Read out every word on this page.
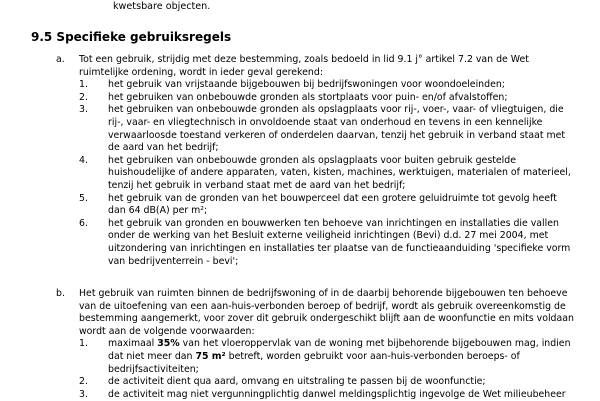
kwetsbare objecten.
9.5 Specifieke gebruiksregels
a. Tot een gebruik, strijdig met deze bestemming, zoals bedoeld in lid 9.1 j° artikel 7.2 van de Wet
ruimtelijke ordening, wordt in ieder geval gerekend:
1.	het gebruik van vrijstaande bijgebouwen bij bedrijfswoningen voor woondoeleinden;
2.	het gebruiken van onbebouwde gronden als stortplaats voor puin- en/of afvalstoffen;
3.	het gebruiken van onbebouwde gronden als opslagplaats voor rij-, voer-, vaar- of vliegtuigen, die
rij-, vaar- en vliegtechnisch in onvoldoende staat van onderhoud en tevens in een kennelijke
verwaarloosde toestand verkeren of onderdelen daarvan, tenzij het gebruik in verband staat met
de aard van het bedrijf;
4.	het gebruiken van onbebouwde gronden als opslagplaats voor buiten gebruik gestelde
huishoudelijke of andere apparaten, vaten, kisten, machines, werktuigen, materialen of materieel,
tenzij het gebruik in verband staat met de aard van het bedrijf;
5.	het gebruik van de gronden van het bouwperceel dat een grotere geluidruimte tot gevolg heeft
dan 64 dB(A) per m²;
6.	het gebruik van gronden en bouwwerken ten behoeve van inrichtingen en installaties die vallen
onder de werking van het Besluit externe veiligheid inrichtingen (Bevi) d.d. 27 mei 2004, met
uitzondering van inrichtingen en installaties ter plaatse van de functieaanduiding 'specifieke vorm
van bedrijventerrein - bevi';
b. Het gebruik van ruimten binnen de bedrijfswoning of in de daarbij behorende bijgebouwen ten behoeve
van de uitoefening van een aan-huis-verbonden beroep of bedrijf, wordt als gebruik overeenkomstig de
bestemming aangemerkt, voor zover dit gebruik ondergeschikt blijft aan de woonfunctie en mits voldaan
wordt aan de volgende voorwaarden:
1.	maximaal 35% van het vloeroppervlak van de woning met bijbehorende bijgebouwen mag, indien
dat niet meer dan 75 m² betreft, worden gebruikt voor aan-huis-verbonden beroeps- of
bedrijfsactiviteiten;
2.	de activiteit dient qua aard, omvang en uitstraling te passen bij de woonfunctie;
3.	de activiteit mag niet vergunningplichtig danwel meldingsplichtig ingevolge de Wet milieubeheer
